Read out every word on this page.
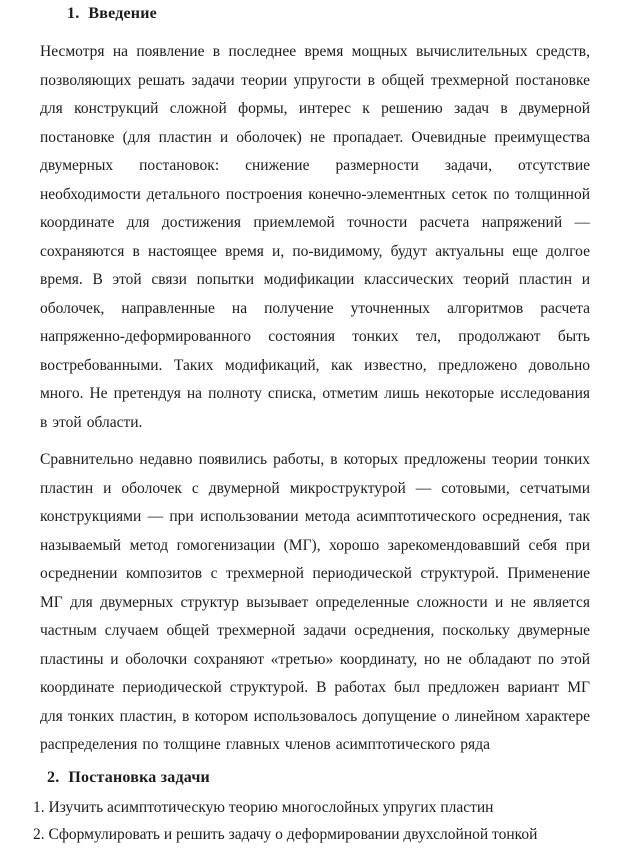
1. Введение

Несмотря на появление в последнее время мощных вычислительных средств, позволяющих решать задачи теории упругости в общей трехмерной постановке для конструкций сложной формы, интерес к решению задач в двумерной постановке (для пластин и оболочек) не пропадает. Очевидные преимущества двумерных постановок: снижение размерности задачи, отсутствие необходимости детального построения конечно-элементных сеток по толщинной координате для достижения приемлемой точности расчета напряжений — сохраняются в настоящее время и, по-видимому, будут актуальны еще долгое время. В этой связи попытки модификации классических теорий пластин и оболочек, направленные на получение уточненных алгоритмов расчета напряженно-деформированного состояния тонких тел, продолжают быть востребованными. Таких модификаций, как известно, предложено довольно много. Не претендуя на полноту списка, отметим лишь некоторые исследования в этой области.

Сравнительно недавно появились работы, в которых предложены теории тонких пластин и оболочек с двумерной микроструктурой — сотовыми, сетчатыми конструкциями — при использовании метода асимптотического осреднения, так называемый метод гомогенизации (МГ), хорошо зарекомендовавший себя при осреднении композитов с трехмерной периодической структурой. Применение МГ для двумерных структур вызывает определенные сложности и не является частным случаем общей трехмерной задачи осреднения, поскольку двумерные пластины и оболочки сохраняют «третью» координату, но не обладают по этой координате периодической структурой. В работах был предложен вариант МГ для тонких пластин, в котором использовалось допущение о линейном характере распределения по толщине главных членов асимптотического ряда

2. Постановка задачи
1. Изучить асимптотическую теорию многослойных упругих пластин
2. Сформулировать и решить задачу о деформировании двухслойной тонкой
